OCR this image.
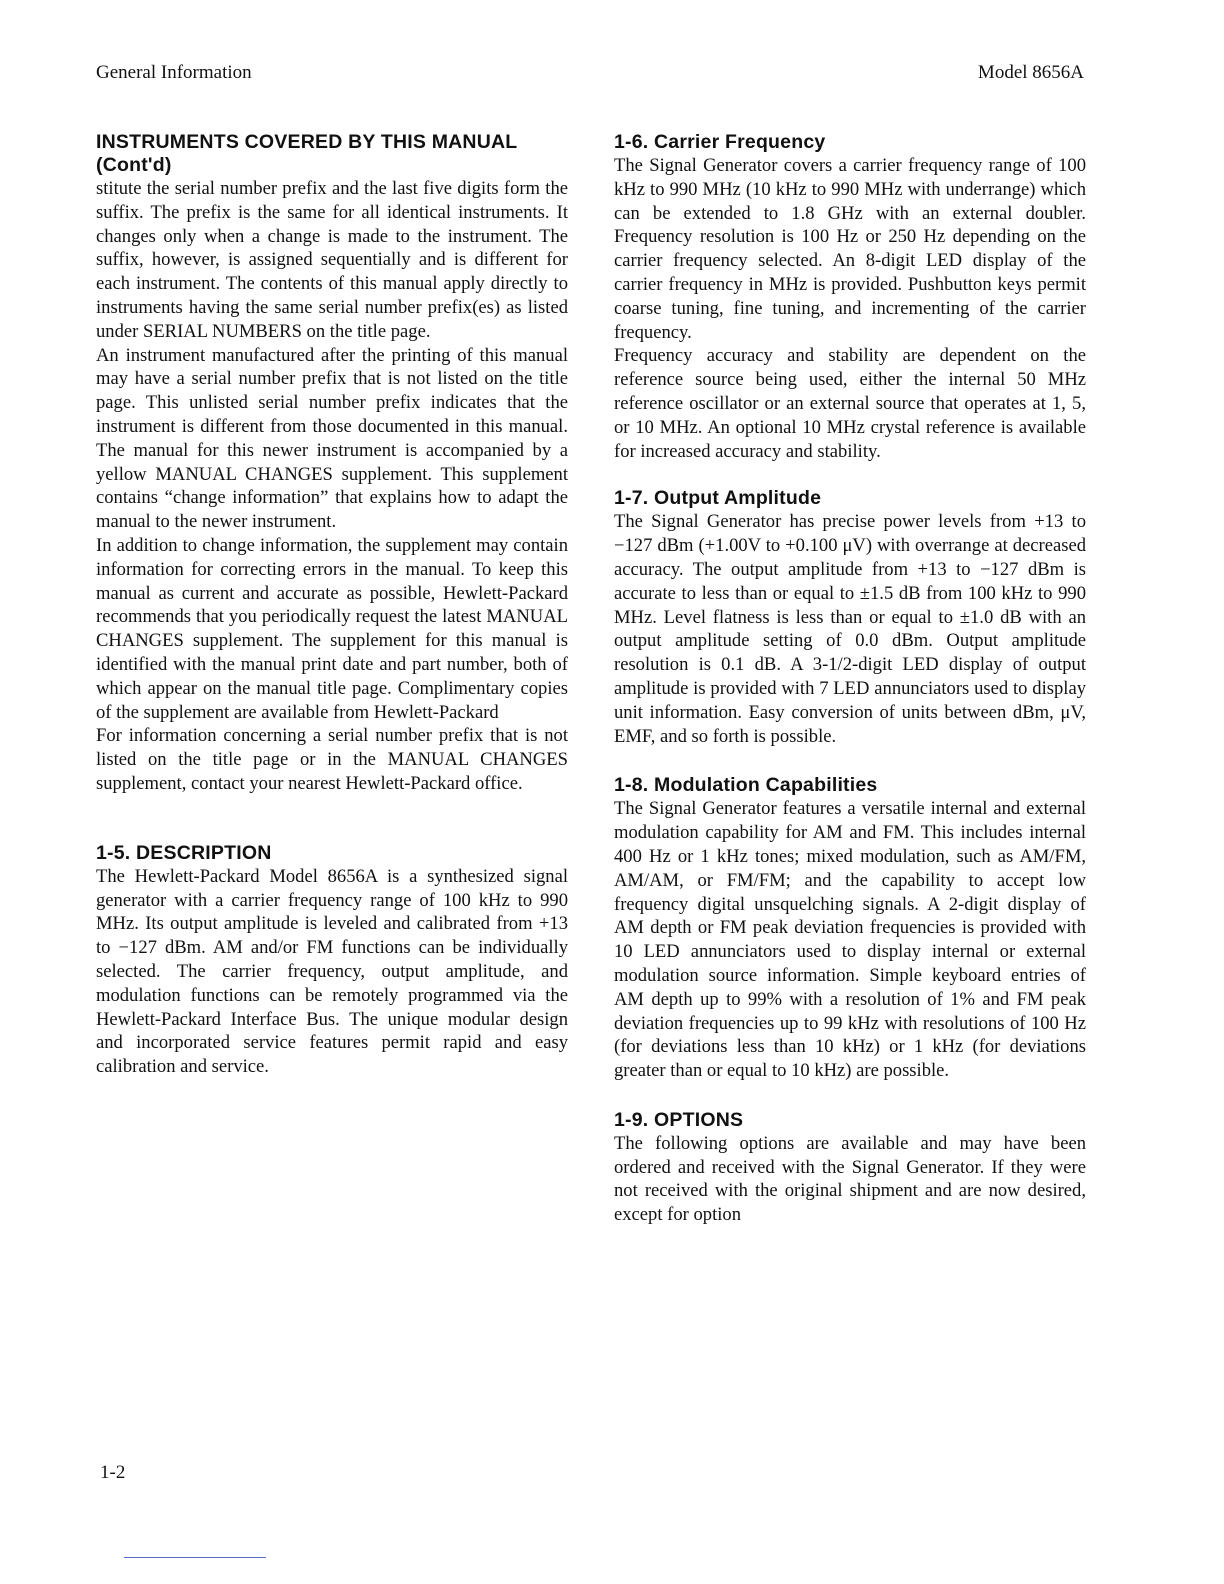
General Information	Model 8656A
INSTRUMENTS COVERED BY THIS MANUAL (Cont'd)

stitute the serial number prefix and the last five digits form the suffix. The prefix is the same for all identical instruments. It changes only when a change is made to the instrument. The suffix, however, is assigned sequentially and is different for each instrument. The contents of this manual apply directly to instruments having the same serial number prefix(es) as listed under SERIAL NUMBERS on the title page.

An instrument manufactured after the printing of this manual may have a serial number prefix that is not listed on the title page. This unlisted serial number prefix indicates that the instrument is different from those documented in this manual. The manual for this newer instrument is accompanied by a yellow MANUAL CHANGES supplement. This supplement contains “change information” that explains how to adapt the manual to the newer instrument.

In addition to change information, the supplement may contain information for correcting errors in the manual. To keep this manual as current and accurate as possible, Hewlett-Packard recommends that you periodically request the latest MANUAL CHANGES supplement. The supplement for this manual is identified with the manual print date and part number, both of which appear on the manual title page. Complimentary copies of the supplement are available from Hewlett-Packard

For information concerning a serial number prefix that is not listed on the title page or in the MANUAL CHANGES supplement, contact your nearest Hewlett-Packard office.

1-5. DESCRIPTION

The Hewlett-Packard Model 8656A is a synthesized signal generator with a carrier frequency range of 100 kHz to 990 MHz. Its output amplitude is leveled and calibrated from +13 to −127 dBm. AM and/or FM functions can be individually selected. The carrier frequency, output amplitude, and modulation functions can be remotely programmed via the Hewlett-Packard Interface Bus. The unique modular design and incorporated service features permit rapid and easy calibration and service.

1-6. Carrier Frequency

The Signal Generator covers a carrier frequency range of 100 kHz to 990 MHz (10 kHz to 990 MHz with underrange) which can be extended to 1.8 GHz with an external doubler. Frequency resolution is 100 Hz or 250 Hz depending on the carrier frequency selected. An 8-digit LED display of the carrier frequency in MHz is provided. Pushbutton keys permit coarse tuning, fine tuning, and incrementing of the carrier frequency.

Frequency accuracy and stability are dependent on the reference source being used, either the internal 50 MHz reference oscillator or an external source that operates at 1, 5, or 10 MHz. An optional 10 MHz crystal reference is available for increased accuracy and stability.

1-7. Output Amplitude

The Signal Generator has precise power levels from +13 to −127 dBm (+1.00V to +0.100 μV) with overrange at decreased accuracy. The output amplitude from +13 to −127 dBm is accurate to less than or equal to ±1.5 dB from 100 kHz to 990 MHz. Level flatness is less than or equal to ±1.0 dB with an output amplitude setting of 0.0 dBm. Output amplitude resolution is 0.1 dB. A 3-1/2-digit LED display of output amplitude is provided with 7 LED annunciators used to display unit information. Easy conversion of units between dBm, μV, EMF, and so forth is possible.

1-8. Modulation Capabilities

The Signal Generator features a versatile internal and external modulation capability for AM and FM. This includes internal 400 Hz or 1 kHz tones; mixed modulation, such as AM/FM, AM/AM, or FM/FM; and the capability to accept low frequency digital unsquelching signals. A 2-digit display of AM depth or FM peak deviation frequencies is provided with 10 LED annunciators used to display internal or external modulation source information. Simple keyboard entries of AM depth up to 99% with a resolution of 1% and FM peak deviation frequencies up to 99 kHz with resolutions of 100 Hz (for deviations less than 10 kHz) or 1 kHz (for deviations greater than or equal to 10 kHz) are possible.

1-9. OPTIONS

The following options are available and may have been ordered and received with the Signal Generator. If they were not received with the original shipment and are now desired, except for option

1-2
